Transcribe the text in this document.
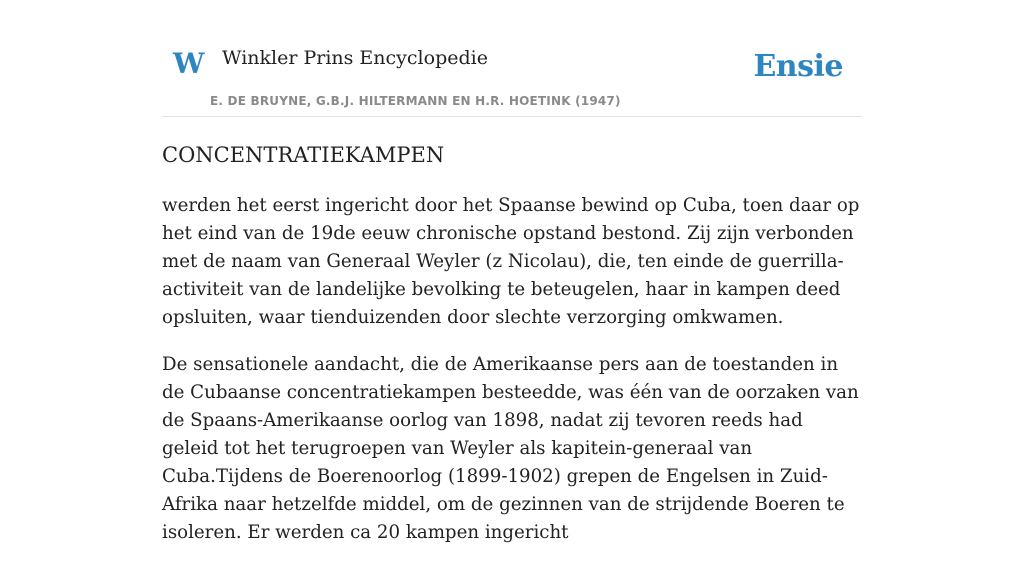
W Winkler Prins Encyclopedie
E. DE BRUYNE, G.B.J. HILTERMANN EN H.R. HOETINK (1947)
Ensie
CONCENTRATIEKAMPEN

werden het eerst ingericht door het Spaanse bewind op Cuba, toen daar op het eind van de 19de eeuw chronische opstand bestond. Zij zijn verbonden met de naam van Generaal Weyler (z Nicolau), die, ten einde de guerrilla-activiteit van de landelijke bevolking te beteugelen, haar in kampen deed opsluiten, waar tienduizenden door slechte verzorging omkwamen.

De sensationele aandacht, die de Amerikaanse pers aan de toestanden in de Cubaanse concentratiekampen besteedde, was één van de oorzaken van de Spaans-Amerikaanse oorlog van 1898, nadat zij tevoren reeds had geleid tot het terugroepen van Weyler als kapitein-generaal van Cuba.Tijdens de Boerenoorlog (1899-1902) grepen de Engelsen in Zuid-Afrika naar hetzelfde middel, om de gezinnen van de strijdende Boeren te isoleren. Er werden ca 20 kampen ingericht
